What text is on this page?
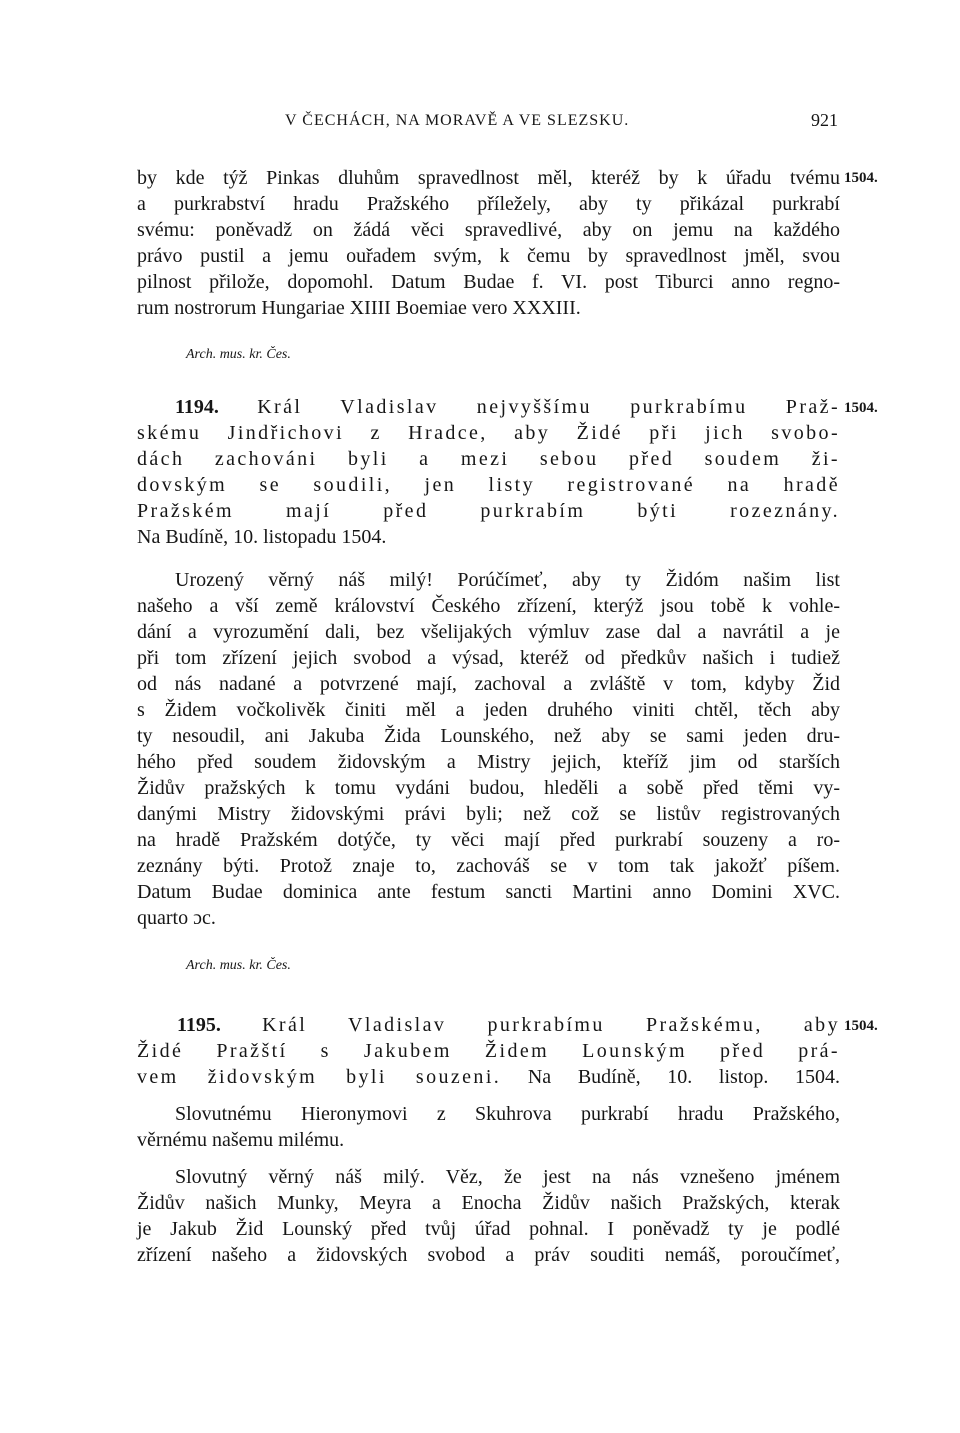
V ČECHÁCH, NA MORAVĚ A VE SLEZSKU.	921
1504.
by kde týž Pinkas dluhům spravedlnost měl, kteréž by k úřadu tvému
a purkrabství hradu Pražského příležely, aby ty přikázal purkrabí
svému: poněvadž on žádá věci spravedlivé, aby on jemu na každého
právo pustil a jemu ouřadem svým, k čemu by spravedlnost jměl, svou
pilnost přilože, dopomohl. Datum Budae f. VI. post Tiburci anno regno-
rum nostrorum Hungariae XIIII Boemiae vero XXXIII.
Arch. mus. kr. Čes.
1504.
1194. Král Vladislav nejvyššímu purkrabímu Praž-
skému Jindřichovi z Hradce, aby Židé při jich svobo-
dách zachováni byli a mezi sebou před soudem ži-
dovským se soudili, jen listy registrované na hradě
Pražském mají před purkrabím býti rozeznány.
Na Budíně, 10. listopadu 1504.
Urozený věrný náš milý! Porúčímeť, aby ty Židóm našim list
našeho a vší země království Českého zřízení, kterýž jsou tobě k vohle-
dání a vyrozumění dali, bez všelijakých výmluv zase dal a navrátil a je
při tom zřízení jejich svobod a výsad, kteréž od předkův našich i tudiež
od nás nadané a potvrzené mají, zachoval a zvláště v tom, kdyby Žid
s Židem vočkolivěk činiti měl a jeden druhého viniti chtěl, těch aby
ty nesoudil, ani Jakuba Žida Lounského, než aby se sami jeden dru-
hého před soudem židovským a Mistry jejich, kteříž jim od starších
Židův pražských k tomu vydáni budou, hleděli a sobě před těmi vy-
danými Mistry židovskými právi byli; než což se listův registrovaných
na hradě Pražském dotýče, ty věci mají před purkrabí souzeny a ro-
zeznány býti. Protož znaje to, zachováš se v tom tak jakožť píšem.
Datum Budae dominica ante festum sancti Martini anno Domini XVC.
quarto ɔc.
Arch. mus. kr. Čes.
1504.
1195. Král Vladislav purkrabímu Pražskému, aby
Židé Pražští s Jakubem Židem Lounským před prá-
vem židovským byli souzeni. Na Budíně, 10. listop. 1504.
Slovutnému Hieronymovi z Skuhrova purkrabí hradu Pražského,
věrnému našemu milému.
Slovutný věrný náš milý. Věz, že jest na nás vznešeno jménem
Židův našich Munky, Meyra a Enocha Židův našich Pražských, kterak
je Jakub Žid Lounský před tvůj úřad pohnal. I poněvadž ty je podlé
zřízení našeho a židovských svobod a práv souditi nemáš, poroučímeť,
